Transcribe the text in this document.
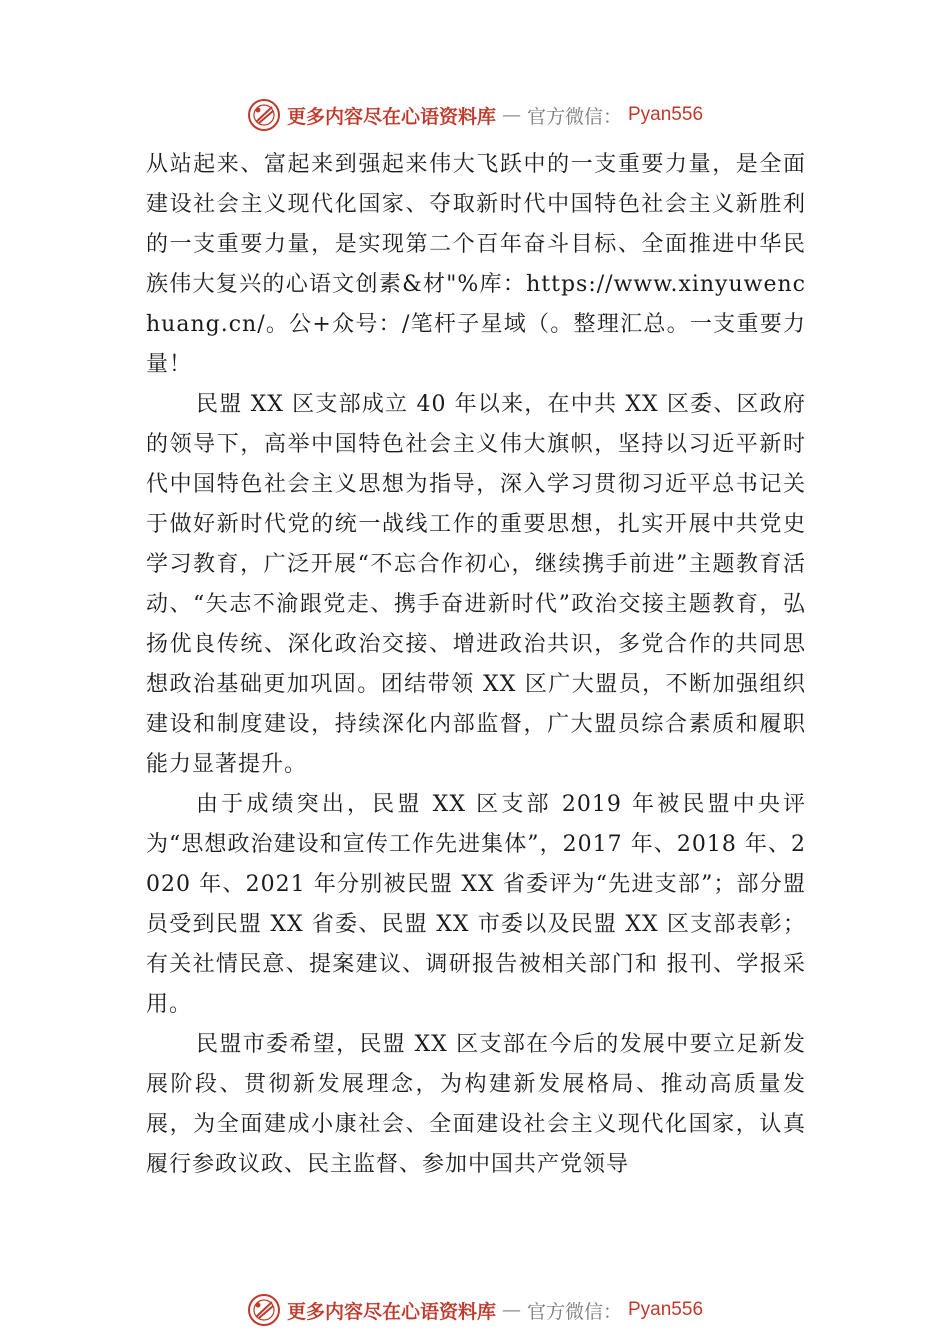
更多内容尽在心语资料库 — 官方微信： Pyan556

从站起来、富起来到强起来伟大飞跃中的一支重要力量，是全面建设社会主义现代化国家、夺取新时代中国特色社会主义新胜利的一支重要力量，是实现第二个百年奋斗目标、全面推进中华民族伟大复兴的心语文创素&材"%库：https://www.xinyuwenchuang.cn/。公+众号：/笔杆子星域（。整理汇总。一支重要力量！

民盟 XX 区支部成立 40 年以来，在中共 XX 区委、区政府的领导下，高举中国特色社会主义伟大旗帜，坚持以习近平新时代中国特色社会主义思想为指导，深入学习贯彻习近平总书记关于做好新时代党的统一战线工作的重要思想，扎实开展中共党史学习教育，广泛开展“不忘合作初心，继续携手前进”主题教育活动、“矢志不渝跟党走、携手奋进新时代”政治交接主题教育，弘扬优良传统、深化政治交接、增进政治共识，多党合作的共同思想政治基础更加巩固。团结带领 XX 区广大盟员，不断加强组织建设和制度建设，持续深化内部监督，广大盟员综合素质和履职能力显著提升。

由于成绩突出，民盟 XX 区支部 2019 年被民盟中央评为“思想政治建设和宣传工作先进集体”，2017 年、2018 年、2020 年、2021 年分别被民盟 XX 省委评为“先进支部”；部分盟员受到民盟 XX 省委、民盟 XX 市委以及民盟 XX 区支部表彰；有关社情民意、提案建议、调研报告被相关部门和 报刊、学报采用。

民盟市委希望，民盟 XX 区支部在今后的发展中要立足新发展阶段、贯彻新发展理念，为构建新发展格局、推动高质量发展，为全面建成小康社会、全面建设社会主义现代化国家，认真履行参政议政、民主监督、参加中国共产党领导

更多内容尽在心语资料库 — 官方微信： Pyan556
